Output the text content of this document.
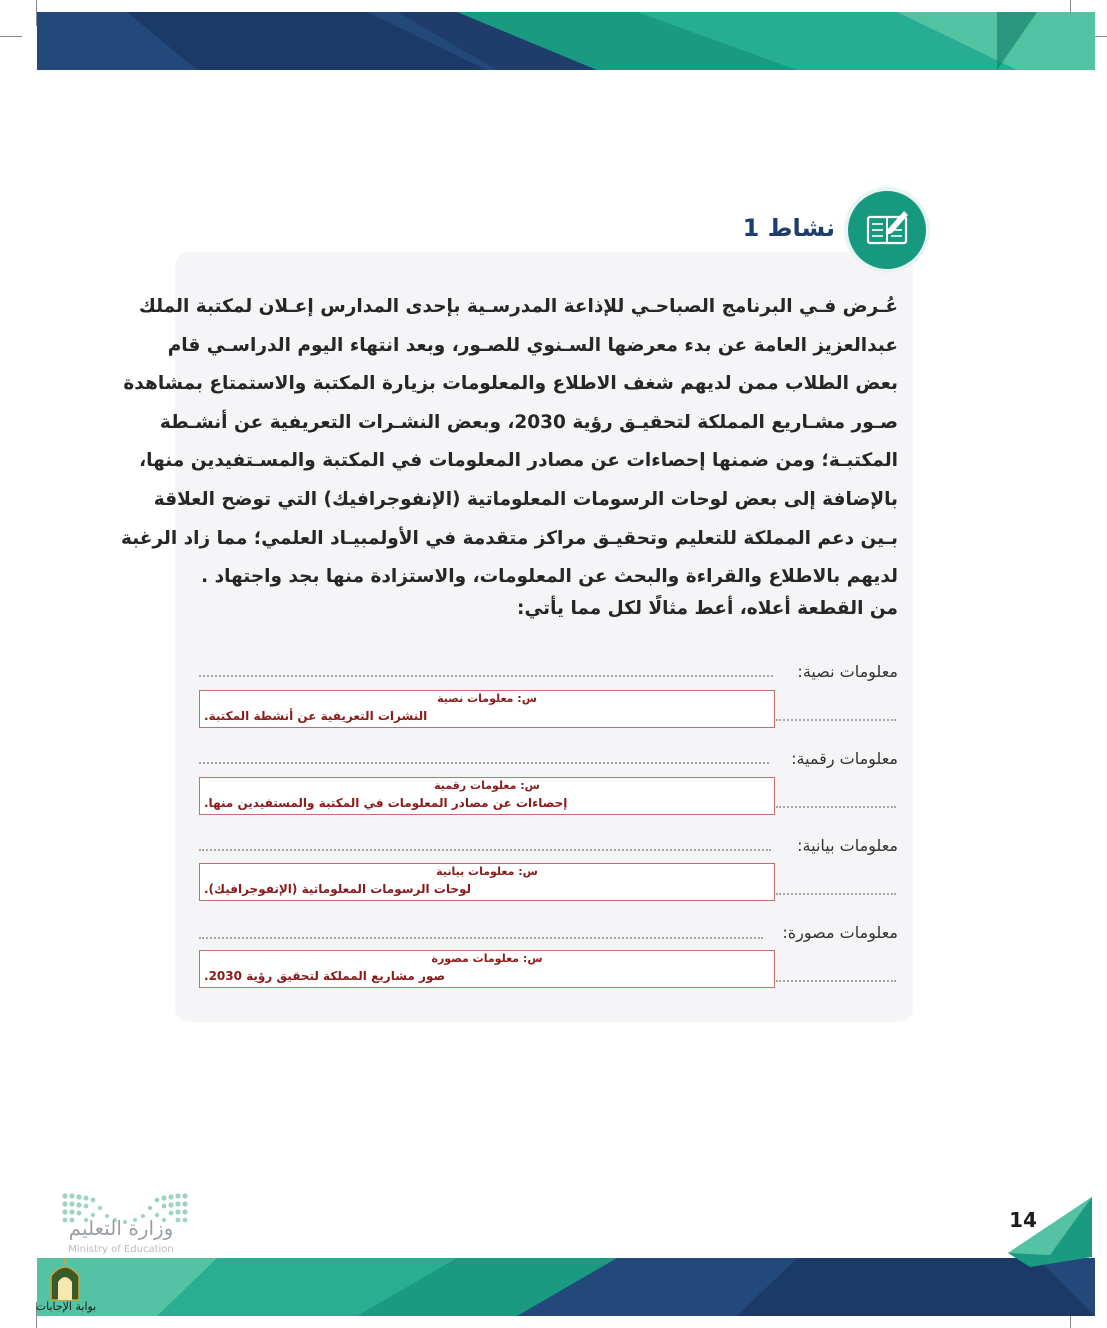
نشاط 1
عُـرض فـي البرنامج الصباحـي للإذاعة المدرسـية بإحدى المدارس إعـلان لمكتبة الملك
عبدالعزيز العامة عن بدء معرضها السـنوي للصـور، وبعد انتهاء اليوم الدراسـي قام
بعض الطلاب ممن لديهم شغف الاطلاع والمعلومات بزيارة المكتبة والاستمتاع بمشاهدة
صـور مشـاريع المملكة لتحقيـق رؤية 2030، وبعض النشـرات التعريفية عن أنشـطة
المكتبـة؛ ومن ضمنها إحصاءات عن مصادر المعلومات في المكتبة والمسـتفيدين منها،
بالإضافة إلى بعض لوحات الرسومات المعلوماتية (الإنفوجرافيك) التي توضح العلاقة
بـين دعم المملكة للتعليم وتحقيـق مراكز متقدمة في الأولمبيـاد العلمي؛ مما زاد الرغبة
لديهم بالاطلاع والقراءة والبحث عن المعلومات، والاستزادة منها بجد واجتهاد .
من القطعة أعلاه، أعط مثالًا لكل مما يأتي:
معلومات نصية:
س: معلومات نصية
النشرات التعريفية عن أنشطة المكتبة.
معلومات رقمية:
س: معلومات رقمية
إحصاءات عن مصادر المعلومات في المكتبة والمستفيدين منها.
معلومات بيانية:
س: معلومات بيانية
لوحات الرسومات المعلوماتية (الإنفوجرافيك).
معلومات مصورة:
س: معلومات مصورة
صور مشاريع المملكة لتحقيق رؤية 2030.
وزارة التعليم
Ministry of Education
14
بوابة الإجابات
